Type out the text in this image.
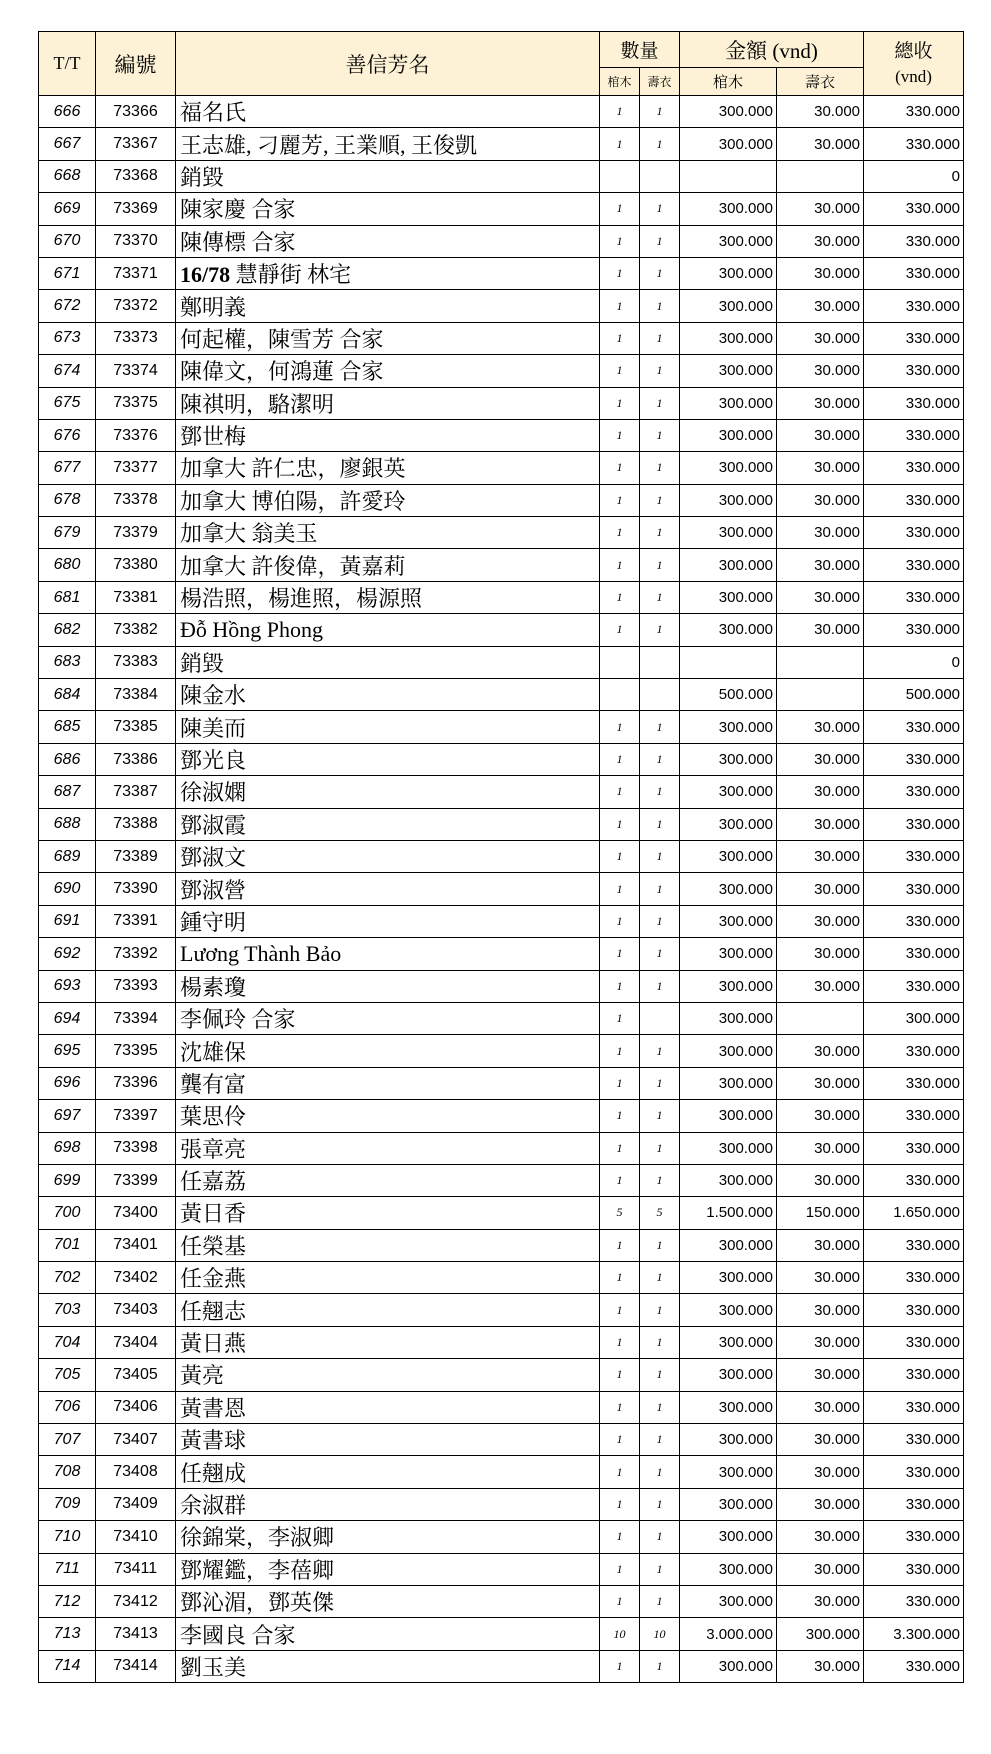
T/T	編號	善信芳名	數量		金額 (vnd)		總收
(vnd)

			棺木	壽衣	棺木	壽衣	
666	73366	福名氏	1	1	300.000	30.000	330.000
667	73367	王志雄, 刁麗芳, 王業順, 王俊凱	1	1	300.000	30.000	330.000
668	73368	銷毀					0
669	73369	陳家慶 合家	1	1	300.000	30.000	330.000
670	73370	陳傳標 合家	1	1	300.000	30.000	330.000
671	73371	16/78 慧靜街 林宅	1	1	300.000	30.000	330.000
672	73372	鄭明義	1	1	300.000	30.000	330.000
673	73373	何起權，陳雪芳 合家	1	1	300.000	30.000	330.000
674	73374	陳偉文，何鴻蓮 合家	1	1	300.000	30.000	330.000
675	73375	陳祺明，駱潔明	1	1	300.000	30.000	330.000
676	73376	鄧世梅	1	1	300.000	30.000	330.000
677	73377	加拿大 許仁忠，廖銀英	1	1	300.000	30.000	330.000
678	73378	加拿大 博伯陽，許愛玲	1	1	300.000	30.000	330.000
679	73379	加拿大 翁美玉	1	1	300.000	30.000	330.000
680	73380	加拿大 許俊偉，黃嘉莉	1	1	300.000	30.000	330.000
681	73381	楊浩照，楊進照，楊源照	1	1	300.000	30.000	330.000
682	73382	Đỗ Hồng Phong	1	1	300.000	30.000	330.000
683	73383	銷毀					0
684	73384	陳金水			500.000		500.000
685	73385	陳美而	1	1	300.000	30.000	330.000
686	73386	鄧光良	1	1	300.000	30.000	330.000
687	73387	徐淑嫻	1	1	300.000	30.000	330.000
688	73388	鄧淑霞	1	1	300.000	30.000	330.000
689	73389	鄧淑文	1	1	300.000	30.000	330.000
690	73390	鄧淑營	1	1	300.000	30.000	330.000
691	73391	鍾守明	1	1	300.000	30.000	330.000
692	73392	Lương Thành Bảo	1	1	300.000	30.000	330.000
693	73393	楊素瓊	1	1	300.000	30.000	330.000
694	73394	李佩玲 合家	1		300.000		300.000
695	73395	沈雄保	1	1	300.000	30.000	330.000
696	73396	龔有富	1	1	300.000	30.000	330.000
697	73397	葉思伶	1	1	300.000	30.000	330.000
698	73398	張章亮	1	1	300.000	30.000	330.000
699	73399	任嘉荔	1	1	300.000	30.000	330.000
700	73400	黃日香	5	5	1.500.000	150.000	1.650.000
701	73401	任榮基	1	1	300.000	30.000	330.000
702	73402	任金燕	1	1	300.000	30.000	330.000
703	73403	任翹志	1	1	300.000	30.000	330.000
704	73404	黃日燕	1	1	300.000	30.000	330.000
705	73405	黃亮	1	1	300.000	30.000	330.000
706	73406	黃書恩	1	1	300.000	30.000	330.000
707	73407	黃書球	1	1	300.000	30.000	330.000
708	73408	任翹成	1	1	300.000	30.000	330.000
709	73409	余淑群	1	1	300.000	30.000	330.000
710	73410	徐錦棠，李淑卿	1	1	300.000	30.000	330.000
711	73411	鄧耀鑑，李蓓卿	1	1	300.000	30.000	330.000
712	73412	鄧沁湄，鄧英傑	1	1	300.000	30.000	330.000
713	73413	李國良 合家	10	10	3.000.000	300.000	3.300.000
714	73414	劉玉美	1	1	300.000	30.000	330.000
